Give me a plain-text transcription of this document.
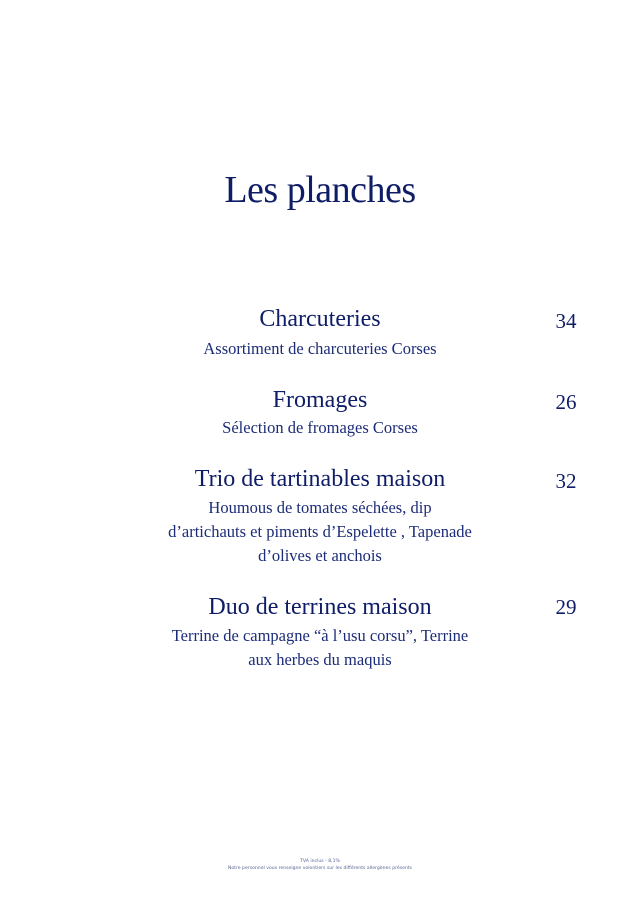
Les planches
Charcuteries
Assortiment de charcuteries Corses
34
Fromages
Sélection de fromages Corses
26
Trio de tartinables maison
Houmous de tomates séchées, dip
d’artichauts et piments d’Espelette , Tapenade
d’olives et anchois
32
Duo de terrines maison
Terrine de campagne “à l’usu corsu”, Terrine
aux herbes du maquis
29
TVA inclus - 8,1%
Notre personnel vous renseigne volontiers sur les différents allergènes présents
